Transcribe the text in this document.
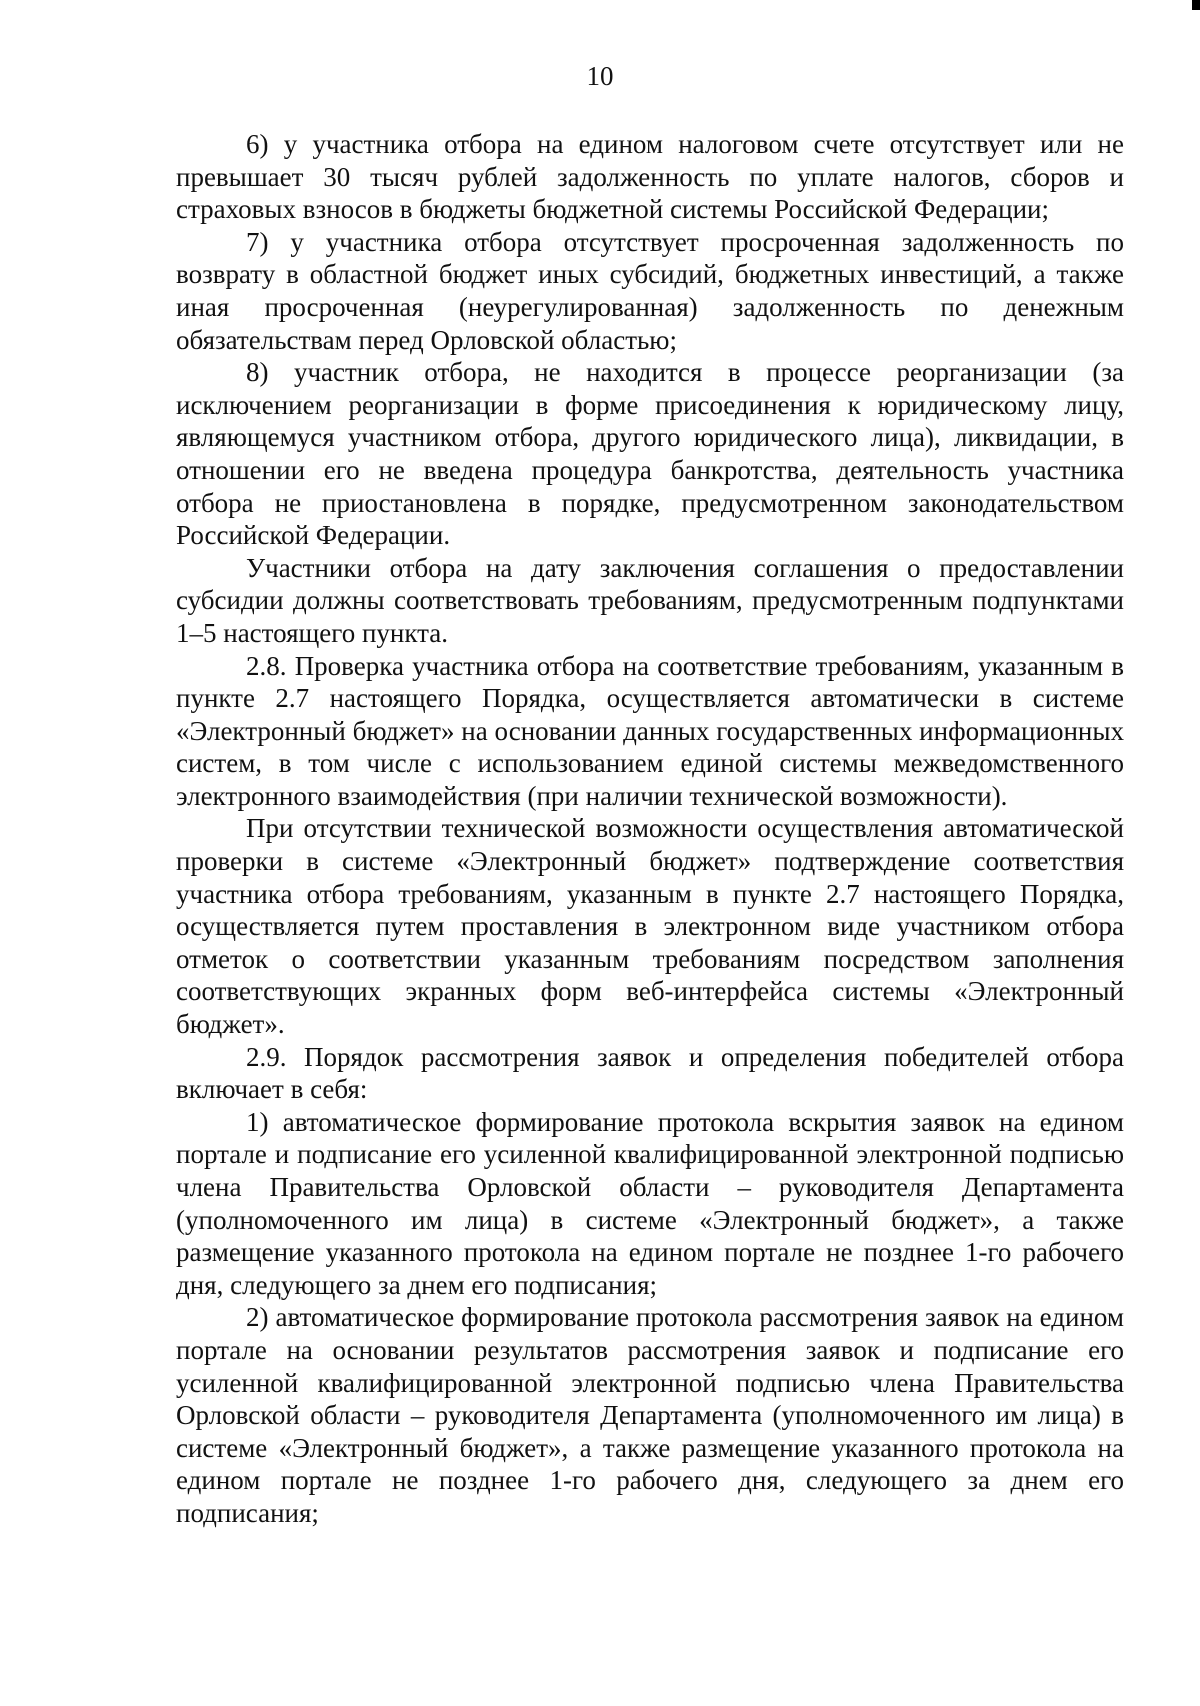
10

6) у участника отбора на едином налоговом счете отсутствует или не превышает 30 тысяч рублей задолженность по уплате налогов, сборов и страховых взносов в бюджеты бюджетной системы Российской Федерации;

7) у участника отбора отсутствует просроченная задолженность по возврату в областной бюджет иных субсидий, бюджетных инвестиций, а также иная просроченная (неурегулированная) задолженность по денежным обязательствам перед Орловской областью;

8) участник отбора, не находится в процессе реорганизации (за исключением реорганизации в форме присоединения к юридическому лицу, являющемуся участником отбора, другого юридического лица), ликвидации, в отношении его не введена процедура банкротства, деятельность участника отбора не приостановлена в порядке, предусмотренном законодательством Российской Федерации.

Участники отбора на дату заключения соглашения о предоставлении субсидии должны соответствовать требованиям, предусмотренным подпунктами 1–5 настоящего пункта.

2.8. Проверка участника отбора на соответствие требованиям, указанным в пункте 2.7 настоящего Порядка, осуществляется автоматически в системе «Электронный бюджет» на основании данных государственных информационных систем, в том числе с использованием единой системы межведомственного электронного взаимодействия (при наличии технической возможности).

При отсутствии технической возможности осуществления автоматической проверки в системе «Электронный бюджет» подтверждение соответствия участника отбора требованиям, указанным в пункте 2.7 настоящего Порядка, осуществляется путем проставления в электронном виде участником отбора отметок о соответствии указанным требованиям посредством заполнения соответствующих экранных форм веб-интерфейса системы «Электронный бюджет».

2.9. Порядок рассмотрения заявок и определения победителей отбора включает в себя:

1) автоматическое формирование протокола вскрытия заявок на едином портале и подписание его усиленной квалифицированной электронной подписью члена Правительства Орловской области – руководителя Департамента (уполномоченного им лица) в системе «Электронный бюджет», а также размещение указанного протокола на едином портале не позднее 1-го рабочего дня, следующего за днем его подписания;

2) автоматическое формирование протокола рассмотрения заявок на едином портале на основании результатов рассмотрения заявок и подписание его усиленной квалифицированной электронной подписью члена Правительства Орловской области – руководителя Департамента (уполномоченного им лица) в системе «Электронный бюджет», а также размещение указанного протокола на едином портале не позднее 1-го рабочего дня, следующего за днем его подписания;
